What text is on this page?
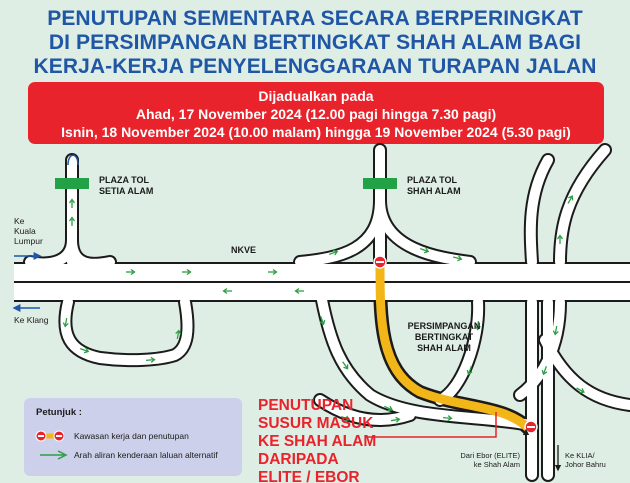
PENUTUPAN SEMENTARA SECARA BERPERINGKAT
DI PERSIMPANGAN BERTINGKAT SHAH ALAM BAGI
KERJA-KERJA PENYELENGGARAAN TURAPAN JALAN
Dijadualkan pada
Ahad, 17 November 2024 (12.00 pagi hingga 7.30 pagi)
Isnin, 18 November 2024 (10.00 malam) hingga 19 November 2024 (5.30 pagi)
PLAZA TOL
SETIA ALAM
PLAZA TOL
SHAH ALAM
NKVE
Ke
Kuala
Lumpur
Ke Klang
PERSIMPANGAN
BERTINGKAT
SHAH ALAM
Dari Ebor (ELITE)
ke Shah Alam
Ke KLIA/
Johor Bahru
PENUTUPAN
SUSUR MASUK
KE SHAH ALAM
DARIPADA
ELITE / EBOR
Petunjuk :
Kawasan kerja dan penutupan
Arah aliran kenderaan laluan alternatif
